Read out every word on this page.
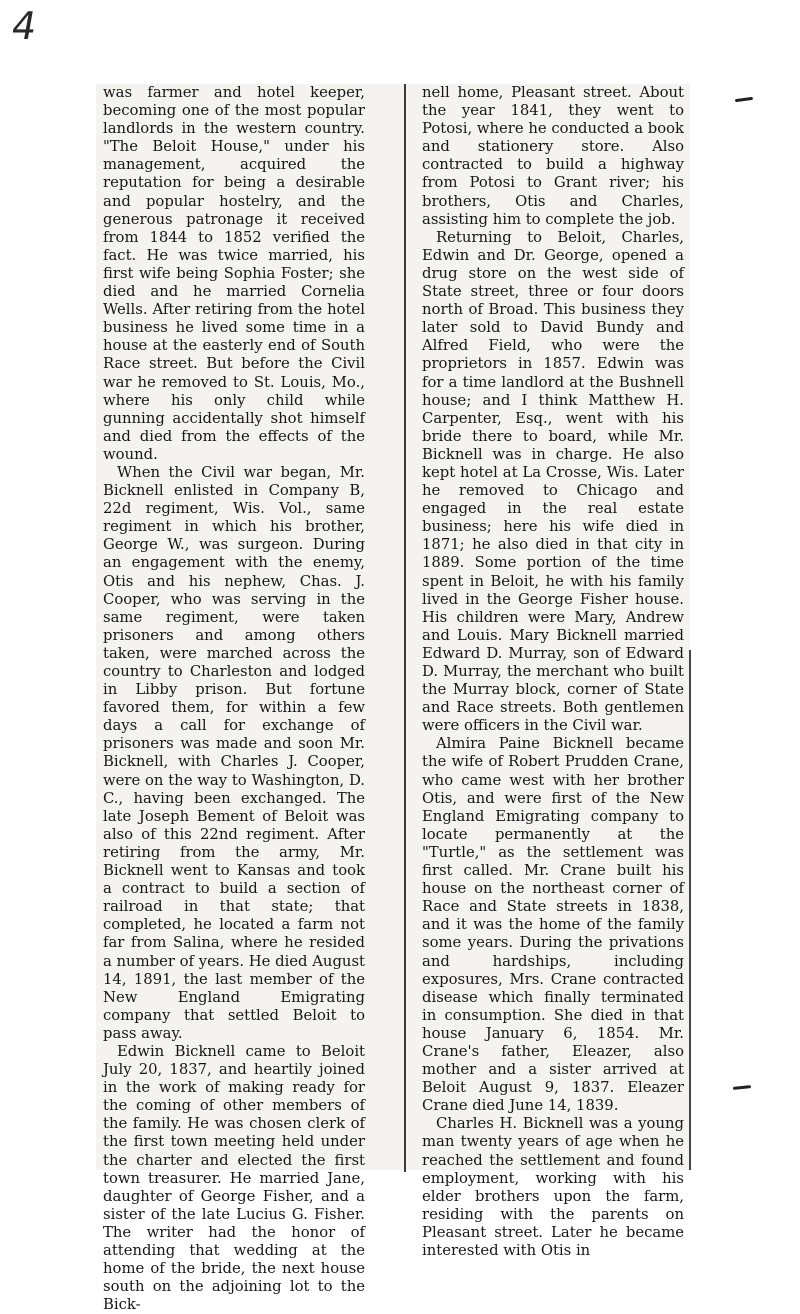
4

was farmer and hotel keeper, becoming one of the most popular landlords in the western country. "The Beloit House," under his management, acquired the reputation for being a desirable and popular hostelry, and the generous patronage it received from 1844 to 1852 verified the fact. He was twice married, his first wife being Sophia Foster; she died and he married Cornelia Wells. After retiring from the hotel business he lived some time in a house at the easterly end of South Race street. But before the Civil war he removed to St. Louis, Mo., where his only child while gunning accidentally shot himself and died from the effects of the wound.

When the Civil war began, Mr. Bicknell enlisted in Company B, 22d regiment, Wis. Vol., same regiment in which his brother, George W., was surgeon. During an engagement with the enemy, Otis and his nephew, Chas. J. Cooper, who was serving in the same regiment, were taken prisoners and among others taken, were marched across the country to Charleston and lodged in Libby prison. But fortune favored them, for within a few days a call for exchange of prisoners was made and soon Mr. Bicknell, with Charles J. Cooper, were on the way to Washington, D. C., having been exchanged. The late Joseph Bement of Beloit was also of this 22nd regiment. After retiring from the army, Mr. Bicknell went to Kansas and took a contract to build a section of railroad in that state; that completed, he located a farm not far from Salina, where he resided a number of years. He died August 14, 1891, the last member of the New England Emigrating company that settled Beloit to pass away.

Edwin Bicknell came to Beloit July 20, 1837, and heartily joined in the work of making ready for the coming of other members of the family. He was chosen clerk of the first town meeting held under the charter and elected the first town treasurer. He married Jane, daughter of George Fisher, and a sister of the late Lucius G. Fisher. The writer had the honor of attending that wedding at the home of the bride, the next house south on the adjoining lot to the Bick-

nell home, Pleasant street. About the year 1841, they went to Potosi, where he conducted a book and stationery store. Also contracted to build a highway from Potosi to Grant river; his brothers, Otis and Charles, assisting him to complete the job.

Returning to Beloit, Charles, Edwin and Dr. George, opened a drug store on the west side of State street, three or four doors north of Broad. This business they later sold to David Bundy and Alfred Field, who were the proprietors in 1857. Edwin was for a time landlord at the Bushnell house; and I think Matthew H. Carpenter, Esq., went with his bride there to board, while Mr. Bicknell was in charge. He also kept hotel at La Crosse, Wis. Later he removed to Chicago and engaged in the real estate business; here his wife died in 1871; he also died in that city in 1889. Some portion of the time spent in Beloit, he with his family lived in the George Fisher house. His children were Mary, Andrew and Louis. Mary Bicknell married Edward D. Murray, son of Edward D. Murray, the merchant who built the Murray block, corner of State and Race streets. Both gentlemen were officers in the Civil war.

Almira Paine Bicknell became the wife of Robert Prudden Crane, who came west with her brother Otis, and were first of the New England Emigrating company to locate permanently at the "Turtle," as the settlement was first called. Mr. Crane built his house on the northeast corner of Race and State streets in 1838, and it was the home of the family some years. During the privations and hardships, including exposures, Mrs. Crane contracted disease which finally terminated in consumption. She died in that house January 6, 1854. Mr. Crane's father, Eleazer, also mother and a sister arrived at Beloit August 9, 1837. Eleazer Crane died June 14, 1839.

Charles H. Bicknell was a young man twenty years of age when he reached the settlement and found employment, working with his elder brothers upon the farm, residing with the parents on Pleasant street. Later he became interested with Otis in
